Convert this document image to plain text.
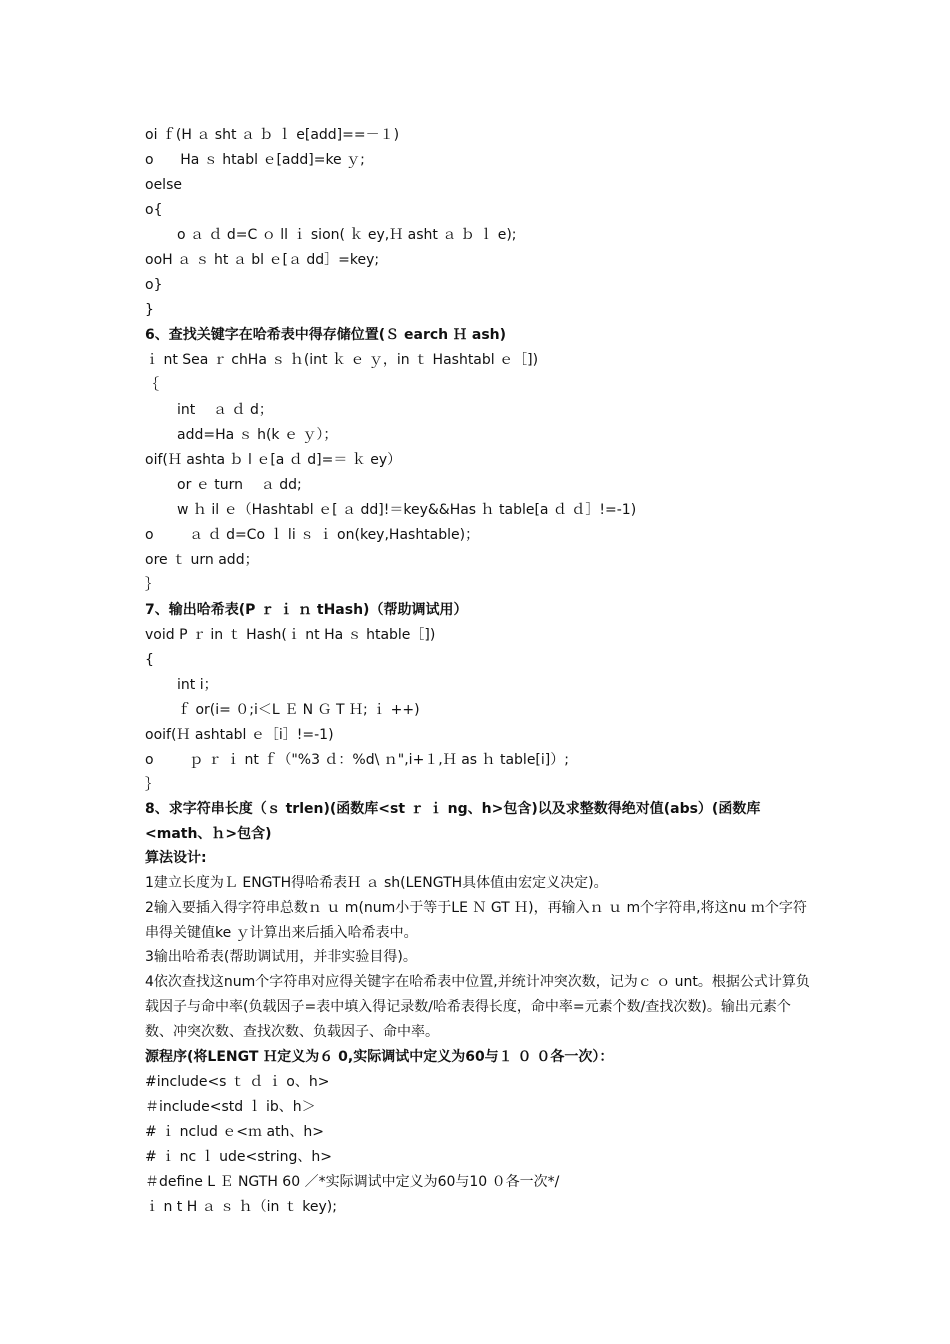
oi ｆ(H ａ sht ａ ｂ ｌ e[add]==－１)
o      Ha ｓ htabl ｅ[add]=ke ｙ;
oelse
o{
o ａ ｄ d=C ｏ ll ｉ sion( ｋ ey,Ｈ asht ａ ｂ ｌ e);
ooH ａ ｓ ht ａ bl ｅ[ａ dd］=key;
o}
}
6、查找关键字在哈希表中得存储位置(Ｓ earch Ｈ ash)
ｉ nt Sea ｒ chHa ｓ ｈ(int ｋ ｅ ｙ，in ｔ Hashtabl ｅ［])
｛
int    ａ ｄ d；
add=Ha ｓ h(k ｅ ｙ）；
oif(Ｈ ashta ｂ l ｅ[a ｄ d]=＝ ｋ ey）
or ｅ turn    ａ dd;
w ｈ il ｅ（Hashtabl ｅ[ ａ dd]!＝key&&Has ｈ table[a ｄ ｄ］!=-1)
o        ａ ｄ d=Co ｌ li ｓ ｉ on(key,Hashtable)；
ore ｔ urn add；
｝
7、输出哈希表(P ｒ ｉ ｎ tHash)（帮助调试用）
void P ｒ in ｔ Hash(ｉ nt Ha ｓ htable［])
{
int i；
ｆ or(i= ０;i＜L Ｅ N Ｇ T Ｈ; ｉ ++)
ooif(Ｈ ashtabl ｅ［i］!=-1)
o        ｐ ｒ ｉ nt ｆ（"%3 ｄ：%d\ ｎ",i+１,Ｈ as ｈ table[i]）;
｝
8、求字符串长度（ｓ trlen)(函数库<st ｒ ｉ ng、h>包含)以及求整数得绝对值(abs）(函数库<math、ｈ>包含)
算法设计:
1建立长度为Ｌ ENGTH得哈希表Ｈ ａ sh(LENGTH具体值由宏定义决定)。
2输入要插入得字符串总数ｎ ｕ m(num小于等于LE Ｎ GT Ｈ)，再输入ｎ ｕ m个字符串,将这nu ｍ个字符串得关键值ke ｙ计算出来后插入哈希表中。
3输出哈希表(帮助调试用，并非实验目得)。
4依次查找这num个字符串对应得关键字在哈希表中位置,并统计冲突次数，记为ｃ ｏ unt。根据公式计算负载因子与命中率(负载因子=表中填入得记录数/哈希表得长度，命中率=元素个数/查找次数)。输出元素个数、冲突次数、查找次数、负载因子、命中率。
源程序(将LENGT Ｈ定义为６ 0,实际调试中定义为60与１ ０ ０各一次）：
#include<s ｔ ｄ ｉ o、h>
＃include<std ｌ ib、h＞
# ｉ nclud ｅ<ｍ ath、h>
# ｉ nc ｌ ude<string、h>
＃define L Ｅ NGTH 60 ／*实际调试中定义为60与10 ０各一次*/
ｉ n t H ａ ｓ ｈ（in ｔ key);
